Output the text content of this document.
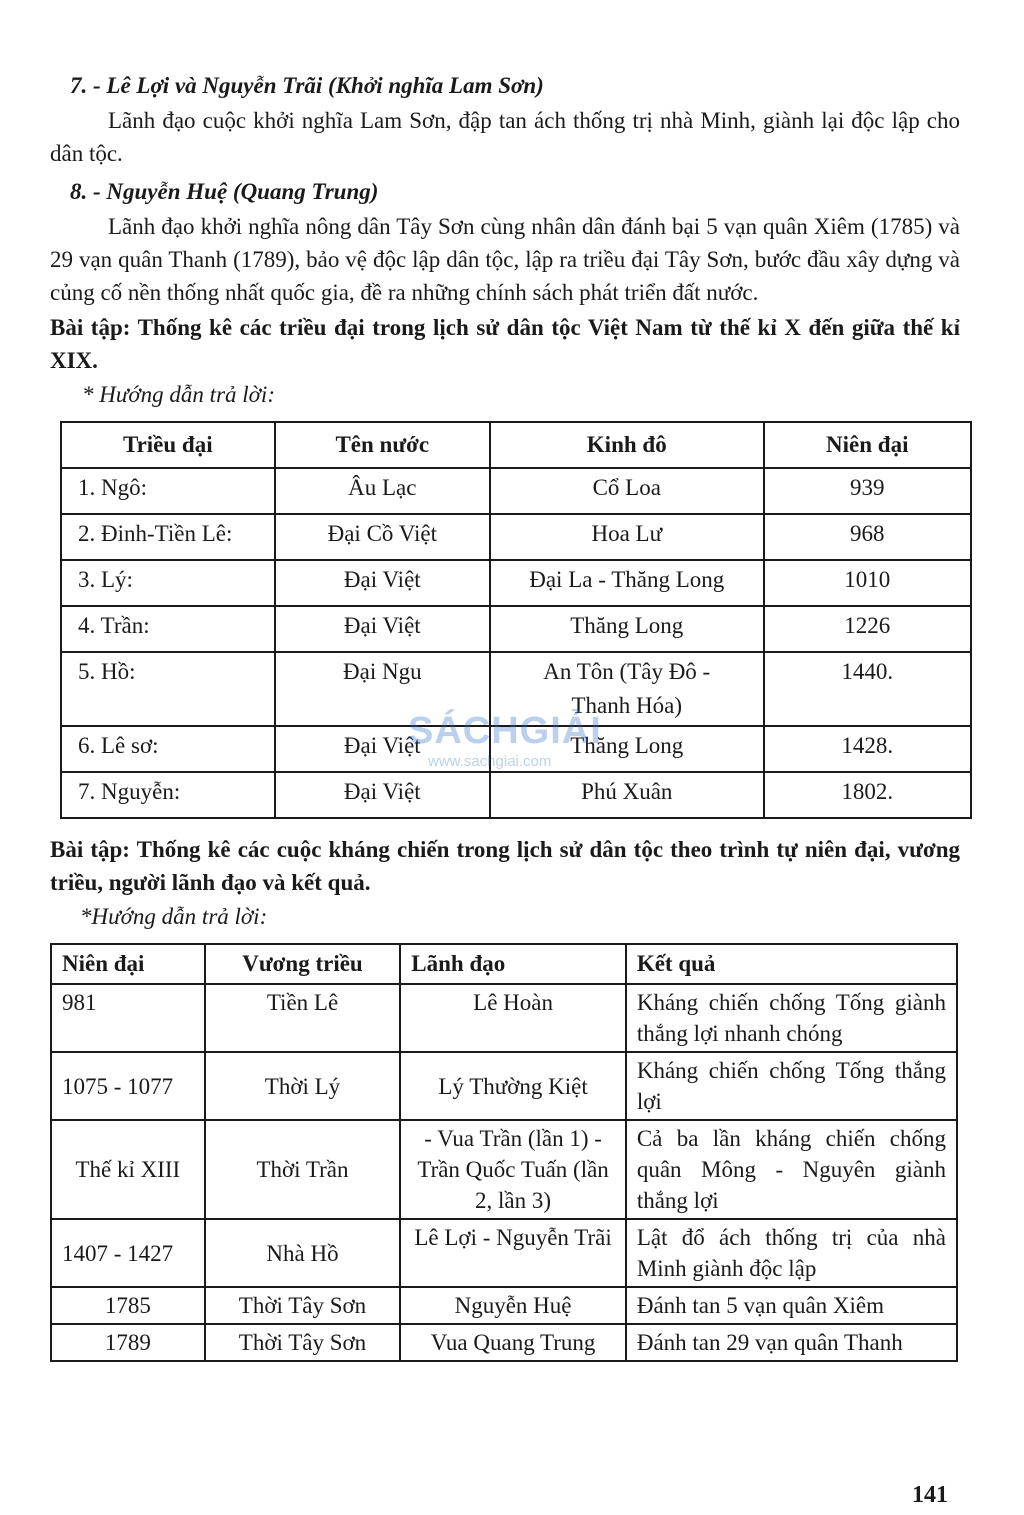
7. - Lê Lợi và Nguyễn Trãi (Khởi nghĩa Lam Sơn)

Lãnh đạo cuộc khởi nghĩa Lam Sơn, đập tan ách thống trị nhà Minh, giành lại độc lập cho dân tộc.

8. - Nguyễn Huệ (Quang Trung)

Lãnh đạo khởi nghĩa nông dân Tây Sơn cùng nhân dân đánh bại 5 vạn quân Xiêm (1785) và 29 vạn quân Thanh (1789), bảo vệ độc lập dân tộc, lập ra triều đại Tây Sơn, bước đầu xây dựng và củng cố nền thống nhất quốc gia, đề ra những chính sách phát triển đất nước.

Bài tập: Thống kê các triều đại trong lịch sử dân tộc Việt Nam từ thế kỉ X đến giữa thế kỉ XIX.

* Hướng dẫn trả lời:
Triều đại	Tên nước	Kinh đô	Niên đại
1. Ngô:	Âu Lạc	Cổ Loa	939
2. Đinh-Tiền Lê:	Đại Cồ Việt	Hoa Lư	968
3. Lý:	Đại Việt	Đại La - Thăng Long	1010
4. Trần:	Đại Việt	Thăng Long	1226
5. Hồ:	Đại Ngu	An Tôn (Tây Đô -Thanh Hóa)	1440.
6. Lê sơ:	Đại Việt	Thăng Long	1428.
7. Nguyễn:	Đại Việt	Phú Xuân	1802.

Bài tập: Thống kê các cuộc kháng chiến trong lịch sử dân tộc theo trình tự niên đại, vương triều, người lãnh đạo và kết quả.

*Hướng dẫn trả lời:
Niên đại	Vương triều	Lãnh đạo	Kết quả
981	Tiền Lê	Lê Hoàn	Kháng chiến chống Tống giành thắng lợi nhanh chóng
1075 - 1077	Thời Lý	Lý Thường Kiệt	Kháng chiến chống Tống thắng lợi
Thế kỉ XIII	Thời Trần	- Vua Trần (lần 1) - Trần Quốc Tuấn (lần 2, lần 3)	Cả ba lần kháng chiến chống quân Mông - Nguyên giành thắng lợi
1407 - 1427	Nhà Hồ	Lê Lợi - Nguyễn Trãi	Lật đổ ách thống trị của nhà Minh giành độc lập
1785	Thời Tây Sơn	Nguyễn Huệ	Đánh tan 5 vạn quân Xiêm
1789	Thời Tây Sơn	Vua Quang Trung	Đánh tan 29 vạn quân Thanh
SÁCHGIẢI
www.sachgiai.com
141
